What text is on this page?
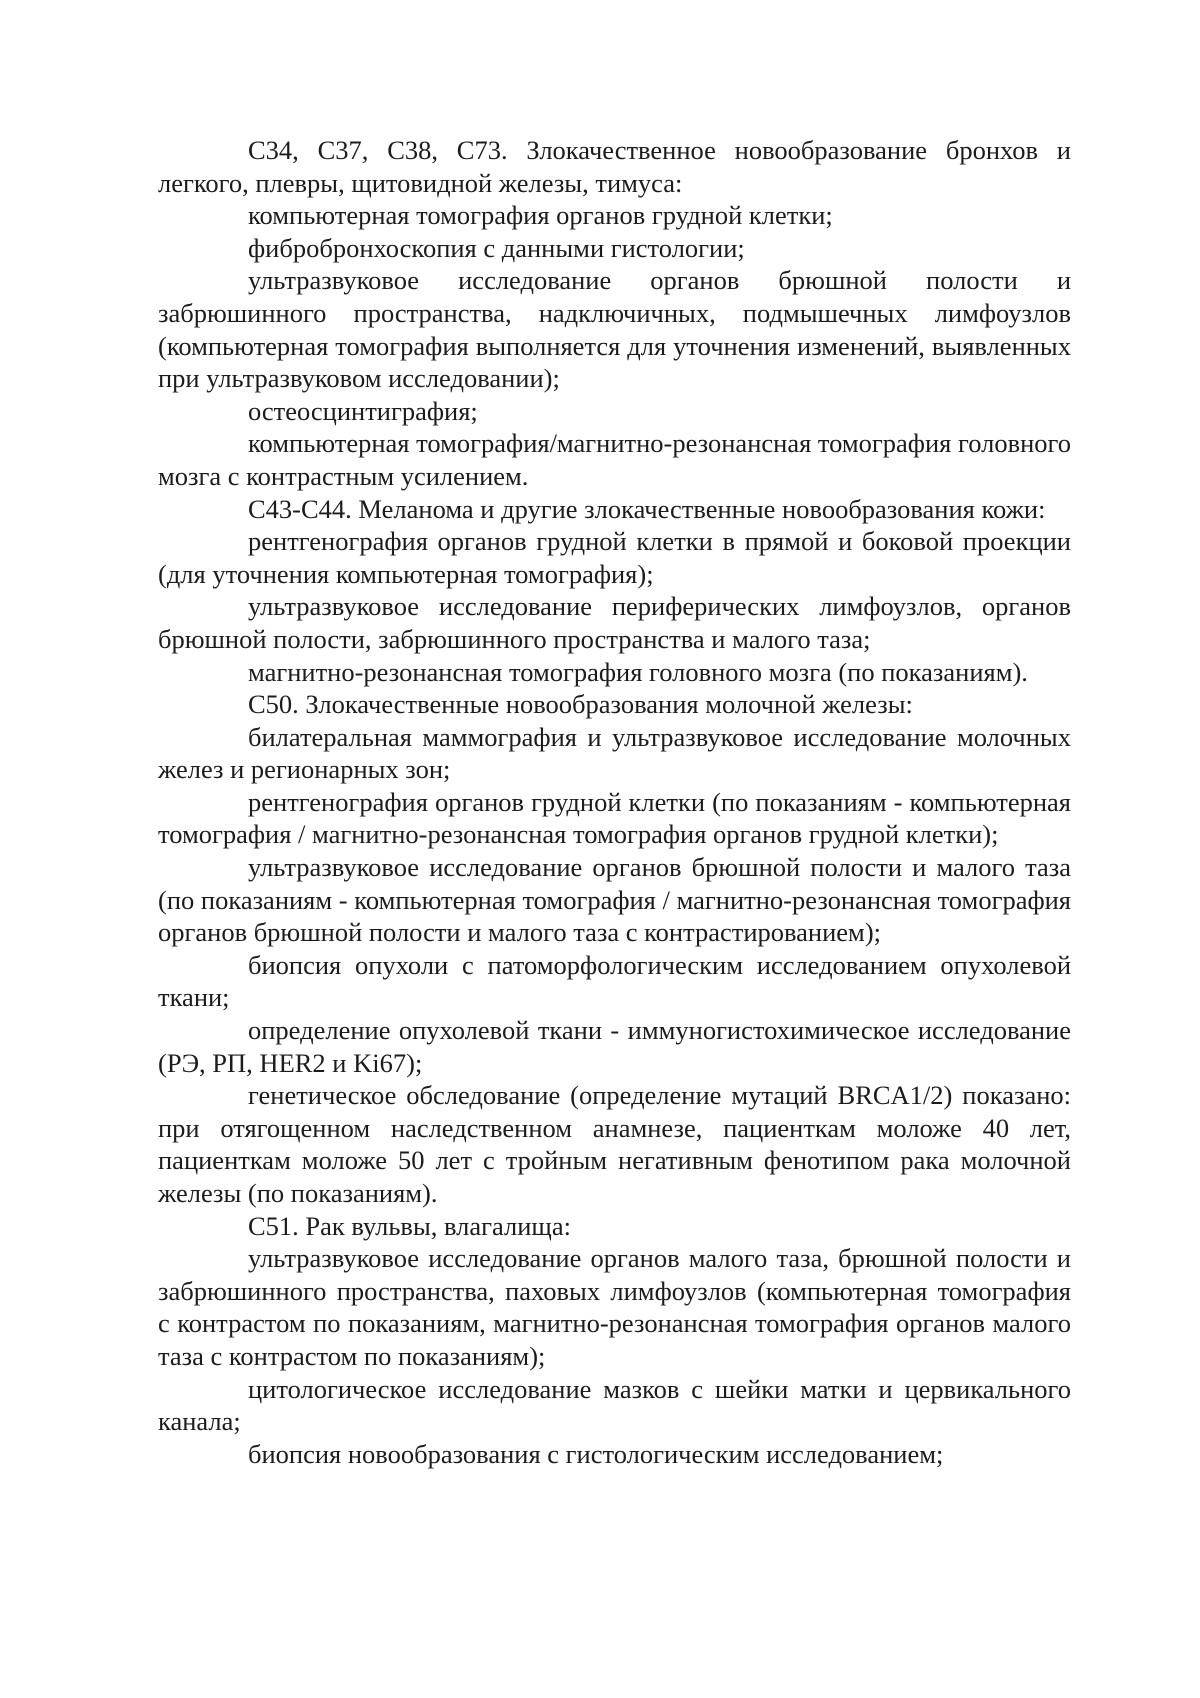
С34, С37, С38, С73. Злокачественное новообразование бронхов и легкого, плевры, щитовидной железы, тимуса:

компьютерная томография органов грудной клетки;

фибробронхоскопия с данными гистологии;

ультразвуковое исследование органов брюшной полости и забрюшинного пространства, надключичных, подмышечных лимфоузлов (компьютерная томография выполняется для уточнения изменений, выявленных при ультразвуковом исследовании);

остеосцинтиграфия;

компьютерная томография/магнитно-резонансная томография головного мозга с контрастным усилением.

С43-С44. Меланома и другие злокачественные новообразования кожи:

рентгенография органов грудной клетки в прямой и боковой проекции (для уточнения компьютерная томография);

ультразвуковое исследование периферических лимфоузлов, органов брюшной полости, забрюшинного пространства и малого таза;

магнитно-резонансная томография головного мозга (по показаниям).

С50. Злокачественные новообразования молочной железы:

билатеральная маммография и ультразвуковое исследование молочных желез и регионарных зон;

рентгенография органов грудной клетки (по показаниям - компьютерная томография / магнитно-резонансная томография органов грудной клетки);

ультразвуковое исследование органов брюшной полости и малого таза (по показаниям - компьютерная томография / магнитно-резонансная томография органов брюшной полости и малого таза с контрастированием);

биопсия опухоли с патоморфологическим исследованием опухолевой ткани;

определение опухолевой ткани - иммуногистохимическое исследование (РЭ, РП, HER2 и Ki67);

генетическое обследование (определение мутаций BRCA1/2) показано: при отягощенном наследственном анамнезе, пациенткам моложе 40 лет, пациенткам моложе 50 лет с тройным негативным фенотипом рака молочной железы (по показаниям).

С51. Рак вульвы, влагалища:

ультразвуковое исследование органов малого таза, брюшной полости и забрюшинного пространства, паховых лимфоузлов (компьютерная томография с контрастом по показаниям, магнитно-резонансная томография органов малого таза с контрастом по показаниям);

цитологическое исследование мазков с шейки матки и цервикального канала;

биопсия новообразования с гистологическим исследованием;
